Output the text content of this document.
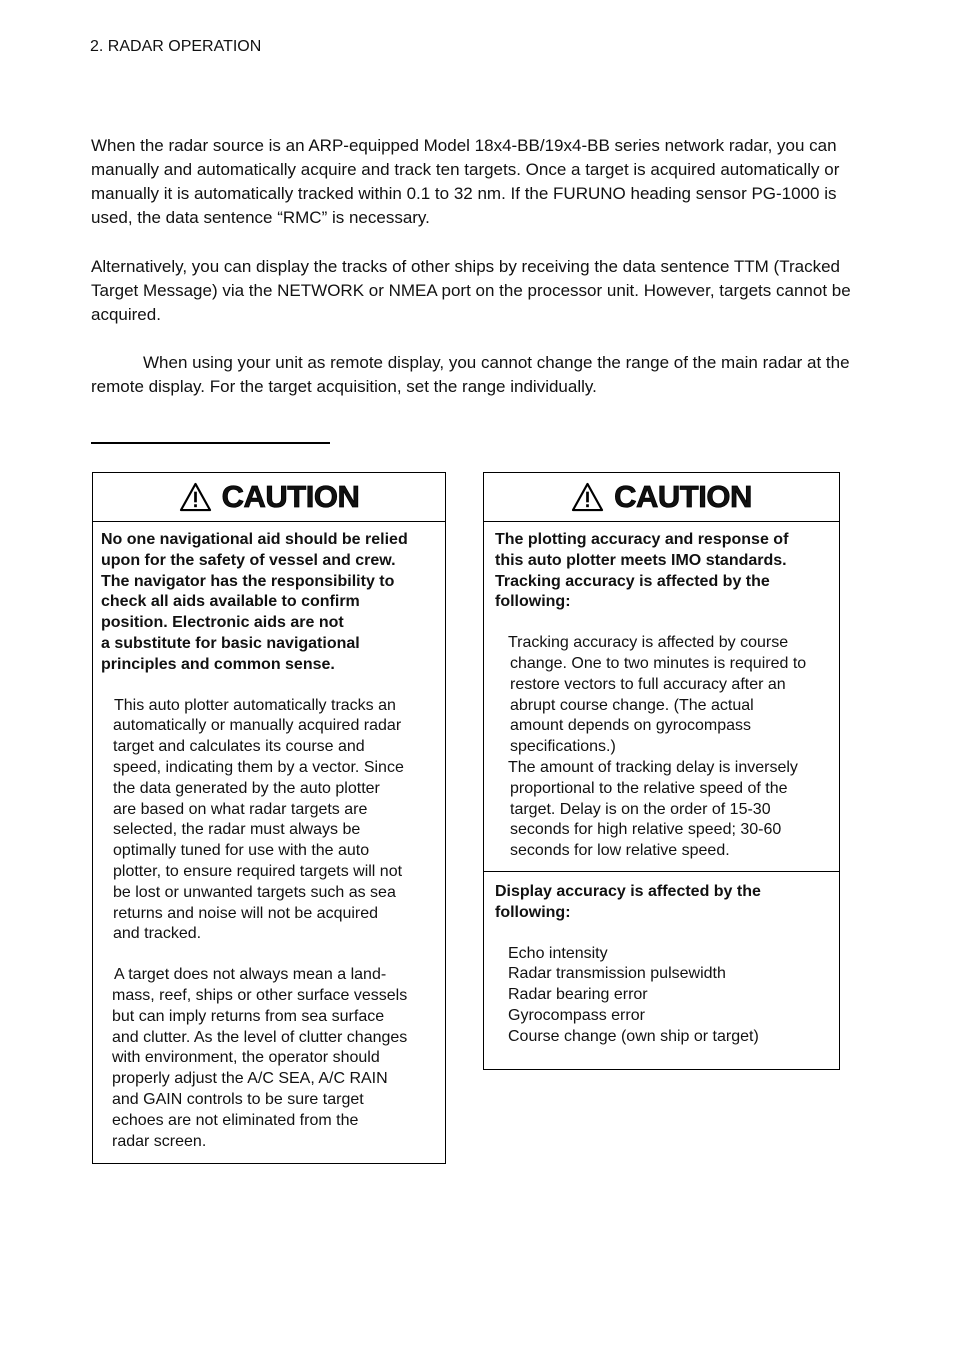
2. RADAR OPERATION

When the radar source is an ARP-equipped Model 18x4-BB/19x4-BB series network radar, you can manually and automatically acquire and track ten targets. Once a target is acquired automatically or manually it is automatically tracked within 0.1 to 32 nm. If the FURUNO heading sensor PG-1000 is used, the data sentence “RMC” is necessary.

Alternatively, you can display the tracks of other ships by receiving the data sentence TTM (Tracked Target Message) via the NETWORK or NMEA port on the processor unit. However, targets cannot be acquired.

When using your unit as remote display, you cannot change the range of the main radar at the remote display. For the target acquisition, set the range individually.

CAUTION

No one navigational aid should be relied

upon for the safety of vessel and crew.

The navigator has the responsibility to

check all aids available to confirm

position. Electronic aids are not

a substitute for basic navigational

principles and common sense.

This auto plotter automatically tracks an

automatically or manually acquired radar

target and calculates its course and

speed, indicating them by a vector. Since

the data generated by the auto plotter

are based on what radar targets are

selected, the radar must always be

optimally tuned for use with the auto

plotter, to ensure required targets will not

be lost or unwanted targets such as sea

returns and noise will not be acquired

and tracked.

A target does not always mean a land-

mass, reef, ships or other surface vessels

but can imply returns from sea surface

and clutter. As the level of clutter changes

with environment, the operator should

properly adjust the A/C SEA, A/C RAIN

and GAIN controls to be sure target

echoes are not eliminated from the

radar screen.

CAUTION

The plotting accuracy and response of

this auto plotter meets IMO standards.

Tracking accuracy is affected by the

following:

Tracking accuracy is affected by course

change. One to two minutes is required to

restore vectors to full accuracy after an

abrupt course change. (The actual

amount depends on gyrocompass

specifications.)

The amount of tracking delay is inversely

proportional to the relative speed of the

target. Delay is on the order of 15-30

seconds for high relative speed; 30-60

seconds for low relative speed.

Display accuracy is affected by the

following:

Echo intensity

Radar transmission pulsewidth

Radar bearing error

Gyrocompass error

Course change (own ship or target)
